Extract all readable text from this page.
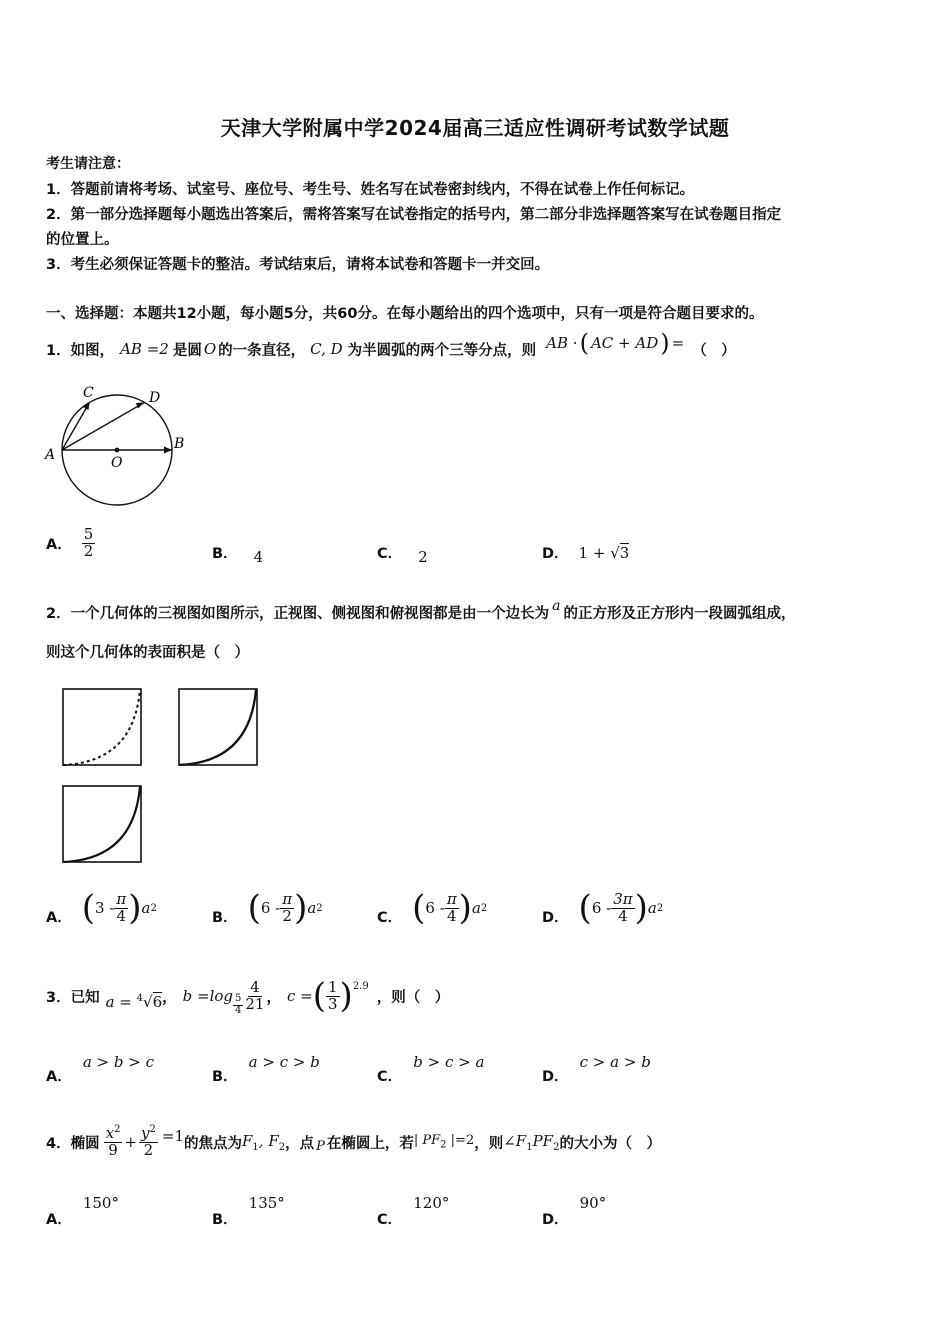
天津大学附属中学2024届高三适应性调研考试数学试题
考生请注意：
1．答题前请将考场、试室号、座位号、考生号、姓名写在试卷密封线内，不得在试卷上作任何标记。
2．第一部分选择题每小题选出答案后，需将答案写在试卷指定的括号内，第二部分非选择题答案写在试卷题目指定
的位置上。
3．考生必须保证答题卡的整洁。考试结束后，请将本试卷和答题卡一并交回。
一、选择题：本题共12小题，每小题5分，共60分。在每小题给出的四个选项中，只有一项是符合题目要求的。
1．如图， AB =2 是圆 O 的一条直径， C, D 为半圆弧的两个三等分点，则 AB · ( AC + AD ) = （　）
A
B
C	D
O
A． $\frac{5}{2}$	B． 4	C． 2	D． 1 + √3
2．一个几何体的三视图如图所示，正视图、侧视图和俯视图都是由一个边长为
a
的正方形及正方形内一段圆弧组成，
则这个几何体的表面积是（　）
A． ( $3 - \frac{\pi}{4}$ ) a 2
B． ( $6 - \frac{\pi}{2}$ ) a 2
C． ( $6 - \frac{\pi}{4}$ ) a 2
D． ( $6 - \frac{3\pi}{4}$ ) a 2
3．已知 a = $^4$√6 ， $b =\log \frac{5}{4} \frac{4}{21}$ ， c = ( $\frac{1}{3}$ ) 2.9
，则（　）
A． a > b > c
B． a > c > b
C． b > c > a
D． c > a > b
4．椭圆 $\frac{x^2}{9} + \frac{y^2}{2} =1$ 的焦点为 $F_1$, $F_2$ ，点 P 在椭圆上，若 | $PF_2$ |=2 ，则 $\angle F_1PF_2$ 的大小为（　）
A． 150°
B． 135°
C． 120°
D． 90°
